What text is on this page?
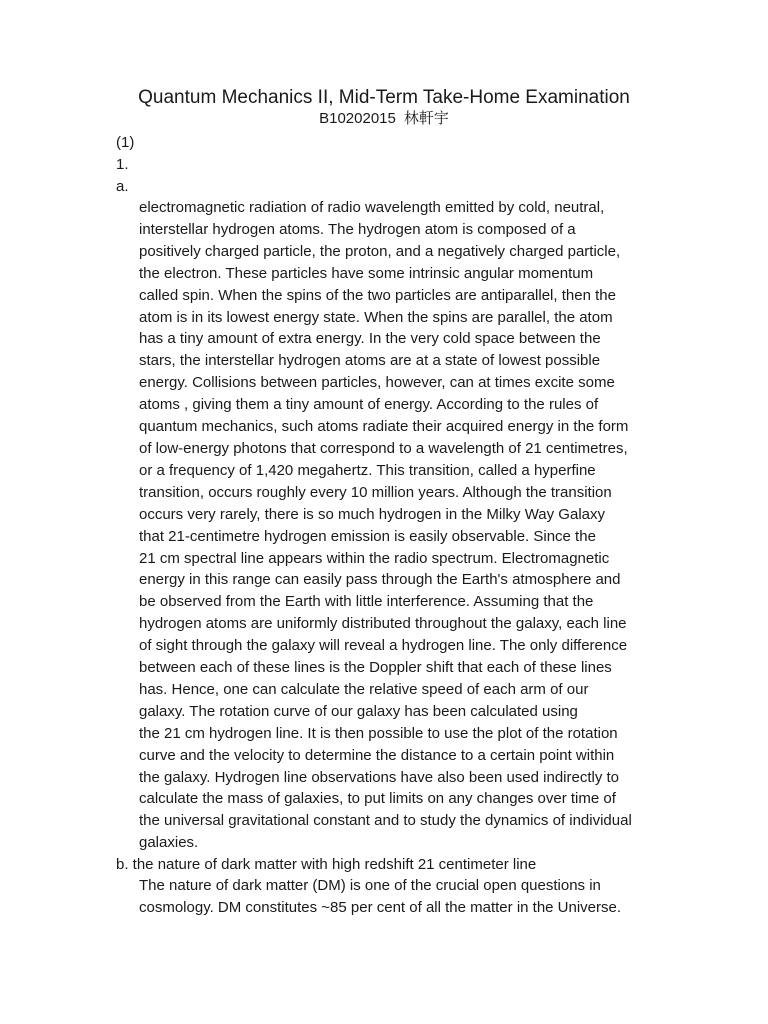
Quantum Mechanics II, Mid-Term Take-Home Examination
B10202015 林軒宇
(1)
1.
a.
electromagnetic radiation of radio wavelength emitted by cold, neutral,
interstellar hydrogen atoms. The hydrogen atom is composed of a
positively charged particle, the proton, and a negatively charged particle,
the electron. These particles have some intrinsic angular momentum
called spin. When the spins of the two particles are antiparallel, then the
atom is in its lowest energy state. When the spins are parallel, the atom
has a tiny amount of extra energy. In the very cold space between the
stars, the interstellar hydrogen atoms are at a state of lowest possible
energy. Collisions between particles, however, can at times excite some
atoms , giving them a tiny amount of energy. According to the rules of
quantum mechanics, such atoms radiate their acquired energy in the form
of low-energy photons that correspond to a wavelength of 21 centimetres,
or a frequency of 1,420 megahertz. This transition, called a hyperfine
transition, occurs roughly every 10 million years. Although the transition
occurs very rarely, there is so much hydrogen in the Milky Way Galaxy
that 21-centimetre hydrogen emission is easily observable. Since the
21 cm spectral line appears within the radio spectrum. Electromagnetic
energy in this range can easily pass through the Earth's atmosphere and
be observed from the Earth with little interference. Assuming that the
hydrogen atoms are uniformly distributed throughout the galaxy, each line
of sight through the galaxy will reveal a hydrogen line. The only difference
between each of these lines is the Doppler shift that each of these lines
has. Hence, one can calculate the relative speed of each arm of our
galaxy. The rotation curve of our galaxy has been calculated using
the 21 cm hydrogen line. It is then possible to use the plot of the rotation
curve and the velocity to determine the distance to a certain point within
the galaxy. Hydrogen line observations have also been used indirectly to
calculate the mass of galaxies, to put limits on any changes over time of
the universal gravitational constant and to study the dynamics of individual
galaxies.
b. the nature of dark matter with high redshift 21 centimeter line
The nature of dark matter (DM) is one of the crucial open questions in
cosmology. DM constitutes ~85 per cent of all the matter in the Universe.
